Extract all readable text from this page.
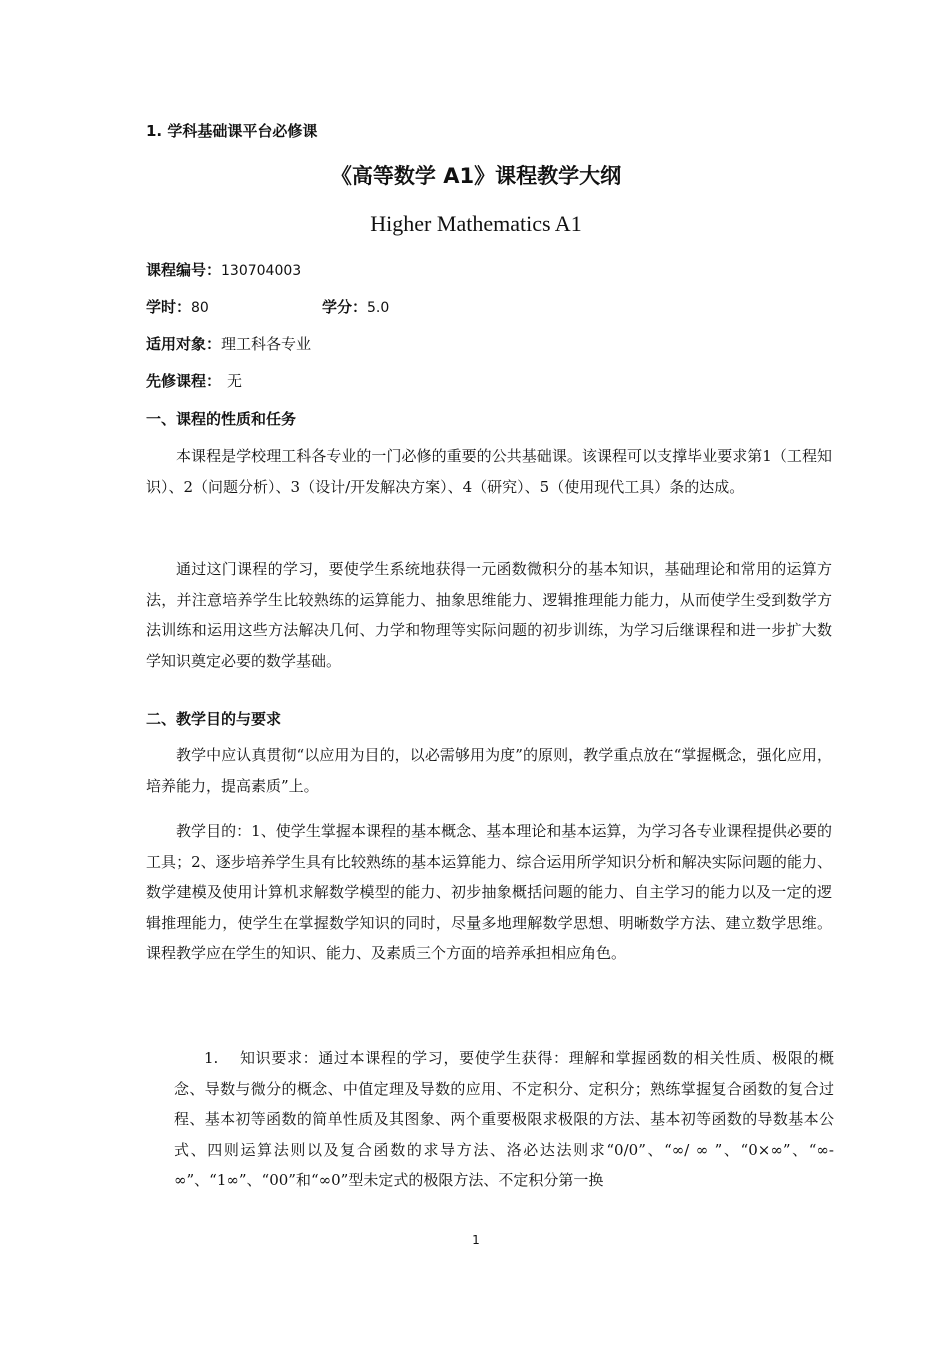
1. 学科基础课平台必修课
《高等数学 A1》课程教学大纲
Higher Mathematics A1
课程编号：130704003
学时：80	学分：5.0
适用对象：理工科各专业
先修课程： 无
一、课程的性质和任务

本课程是学校理工科各专业的一门必修的重要的公共基础课。该课程可以支撑毕业要求第1（工程知识）、2（问题分析）、3（设计/开发解决方案）、4（研究）、5（使用现代工具）条的达成。

通过这门课程的学习，要使学生系统地获得一元函数微积分的基本知识，基础理论和常用的运算方法，并注意培养学生比较熟练的运算能力、抽象思维能力、逻辑推理能力能力，从而使学生受到数学方法训练和运用这些方法解决几何、力学和物理等实际问题的初步训练，为学习后继课程和进一步扩大数学知识奠定必要的数学基础。

二、教学目的与要求

教学中应认真贯彻“以应用为目的，以必需够用为度”的原则，教学重点放在“掌握概念，强化应用，培养能力，提高素质”上。

教学目的：1、使学生掌握本课程的基本概念、基本理论和基本运算，为学习各专业课程提供必要的工具；2、逐步培养学生具有比较熟练的基本运算能力、综合运用所学知识分析和解决实际问题的能力、数学建模及使用计算机求解数学模型的能力、初步抽象概括问题的能力、自主学习的能力以及一定的逻辑推理能力，使学生在掌握数学知识的同时，尽量多地理解数学思想、明晰数学方法、建立数学思维。课程教学应在学生的知识、能力、及素质三个方面的培养承担相应角色。

1.　 知识要求：通过本课程的学习，要使学生获得：理解和掌握函数的相关性质、极限的概念、导数与微分的概念、中值定理及导数的应用、不定积分、定积分；熟练掌握复合函数的复合过程、基本初等函数的简单性质及其图象、两个重要极限求极限的方法、基本初等函数的导数基本公式、四则运算法则以及复合函数的求导方法、洛必达法则求“0/0”、“∞/ ∞ ”、“0×∞”、“∞-∞”、“1∞”、“00”和“∞0”型未定式的极限方法、不定积分第一换

1
